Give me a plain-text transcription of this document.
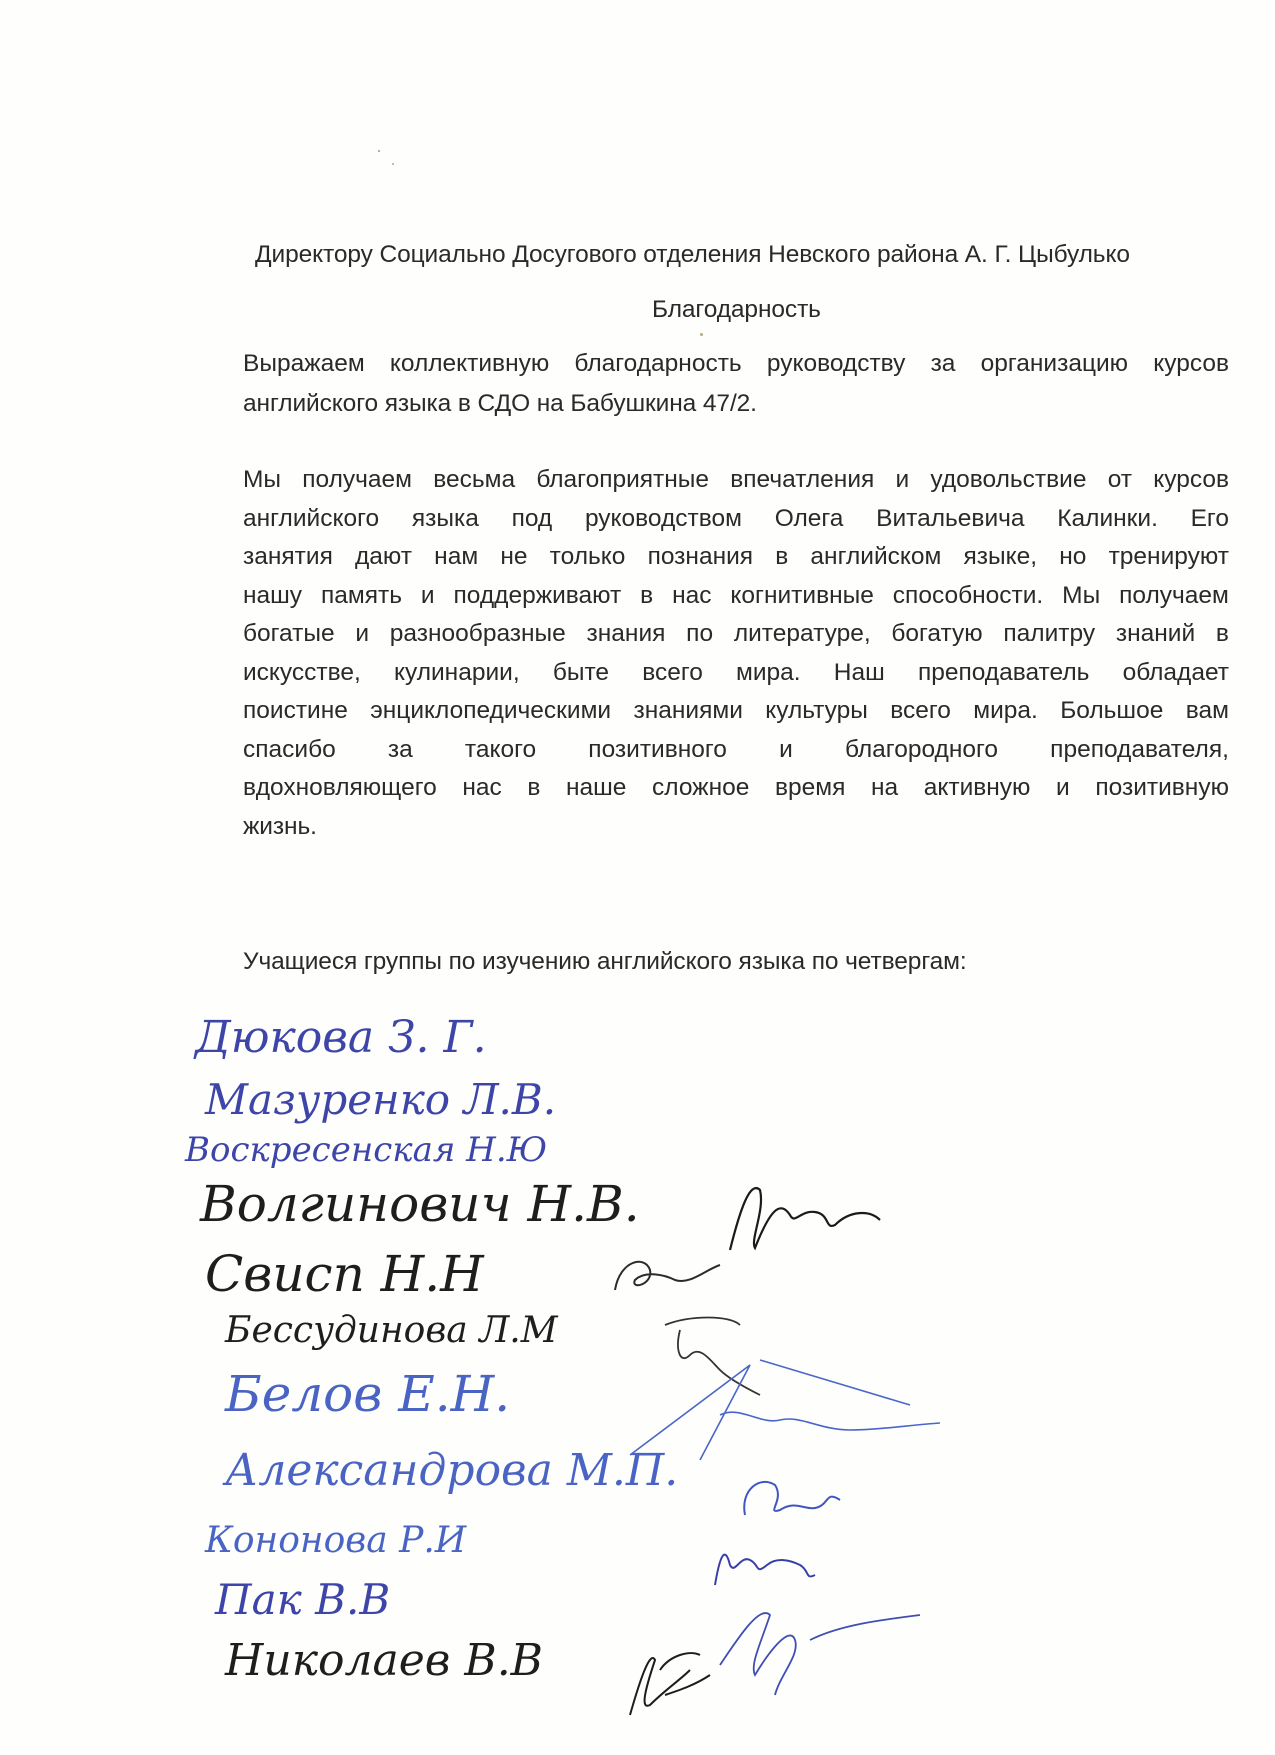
Директору Социально Досугового отделения Невского района А. Г. Цыбулько
Благодарность
Выражаем коллективную благодарность руководству за организацию курсов
английского языка в СДО на Бабушкина 47/2.
Мы получаем весьма благоприятные впечатления и удовольствие от курсов
английского языка под руководством Олега Витальевича Калинки. Его
занятия дают нам не только познания в английском языке, но тренируют
нашу память и поддерживают в нас когнитивные способности. Мы получаем
богатые и разнообразные знания по литературе, богатую палитру знаний в
искусстве, кулинарии, быте всего мира. Наш преподаватель обладает
поистине энциклопедическими знаниями культуры всего мира. Большое вам
спасибо за такого позитивного и благородного преподавателя,
вдохновляющего нас в наше сложное время на активную и позитивную
жизнь.
Учащиеся группы по изучению английского языка по четвергам:
Дюкова З. Г.
Мазуренко Л.В.
Воскресенская Н.Ю
Волгинович Н.В.
Свисп Н.Н
Бессудинова Л.М
Белов Е.Н.
Александрова М.П.
Кононова Р.И
Пак В.В
Николаев В.В
